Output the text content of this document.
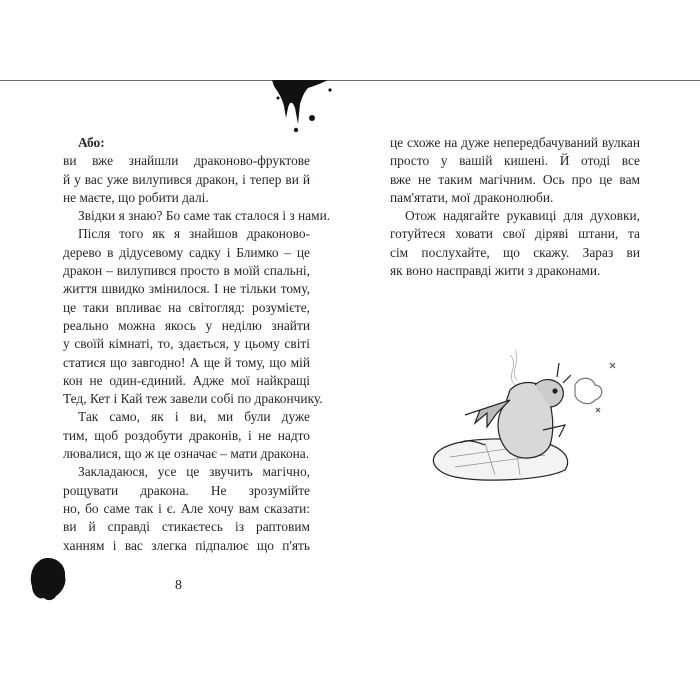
Або:
ви вже знайшли драконово-фруктове
й у вас уже вилупився дракон, і тепер ви й
не маєте, що робити далі.
Звідки я знаю? Бо саме так сталося і з нами.
Після того як я знайшов драконово-
дерево в дідусевому садку і Блимко – це
дракон – вилупився просто в моїй спальні,
життя швидко змінилося. І не тільки тому,
це таки впливає на світогляд: розумієте,
реально можна якось у неділю знайти
у своїй кімнаті, то, здається, у цьому світі
статися що завгодно! А ще й тому, що мій
кон не один-єдиний. Адже мої найкращі
Тед, Кет і Кай теж завели собі по дракончику.
Так само, як і ви, ми були дуже
тим, щоб роздобути драконів, і не надто
лювалися, що ж це означає – мати дракона.
Закладаюся, усе це звучить магічно,
рощувати дракона. Не зрозумійте
но, бо саме так і є. Але хочу вам сказати:
ви й справді стикаєтесь із раптовим
ханням і вас злегка підпалює що п'ять
це схоже на дуже непередбачуваний вулкан
просто у вашій кишені. Й отоді все
вже не таким магічним. Ось про це вам
пам'ятати, мої драконолюби.
Отож надягайте рукавиці для духовки,
готуйтеся ховати свої діряві штани, та
сім послухайте, що скажу. Зараз ви
як воно насправді жити з драконами.
8
